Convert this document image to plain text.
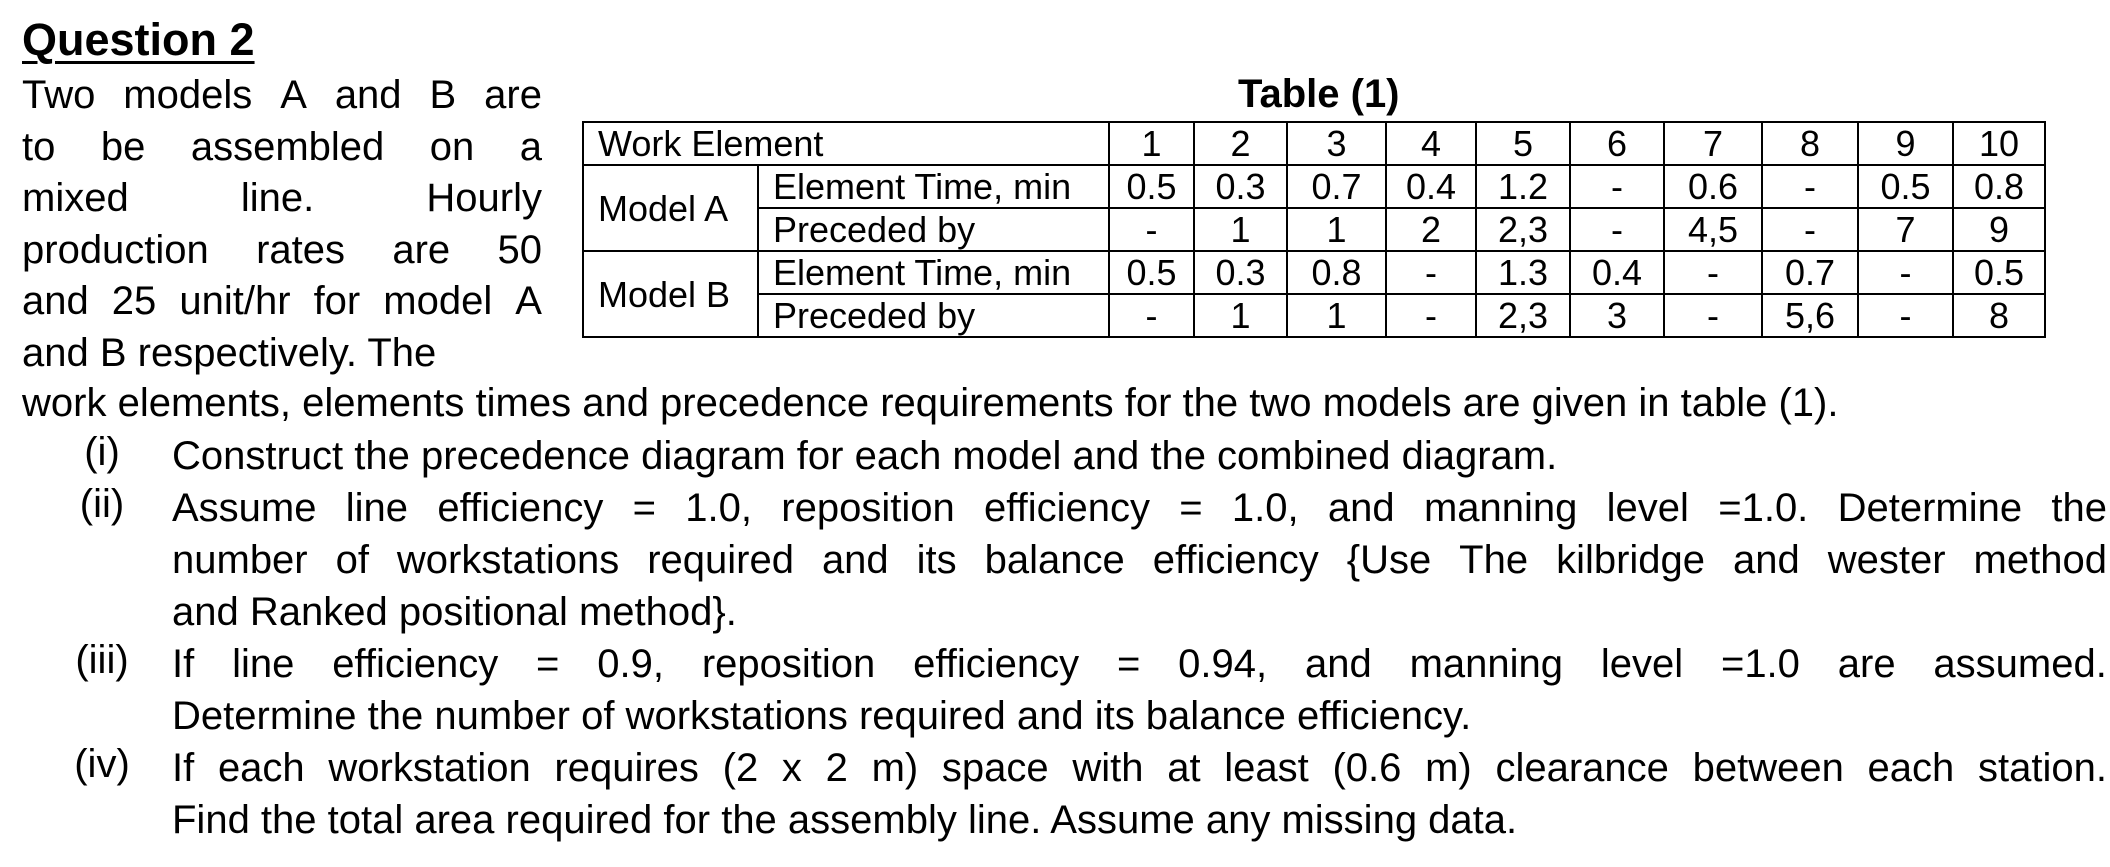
Question 2
Two models A and B are
to be assembled on a
mixed	line.	Hourly
production rates are 50
and 25 unit/hr for model A
and B respectively. The
work elements, elements times and precedence requirements for the two models are given in table (1).
Table (1)
Work Element		1	2	3	4	5	6	7	8	9	10
Model A	Element Time, min	0.5	0.3	0.7	0.4	1.2	-	0.6	-	0.5	0.8
	Preceded by	-	1	1	2	2,3	-	4,5	-	7	9
Model B	Element Time, min	0.5	0.3	0.8	-	1.3	0.4	-	0.7	-	0.5
	Preceded by	-	1	1	-	2,3	3	-	5,6	-	8
(i)	Construct the precedence diagram for each model and the combined diagram.
(ii)	Assume line efficiency = 1.0, reposition efficiency = 1.0, and manning level =1.0. Determine the
number of workstations required and its balance efficiency {Use The kilbridge and wester method
and Ranked positional method}.
(iii)	If line efficiency = 0.9, reposition efficiency = 0.94, and manning level =1.0 are assumed.
Determine the number of workstations required and its balance efficiency.
(iv)	If each workstation requires (2 x 2 m) space with at least (0.6 m) clearance between each station.
Find the total area required for the assembly line. Assume any missing data.
